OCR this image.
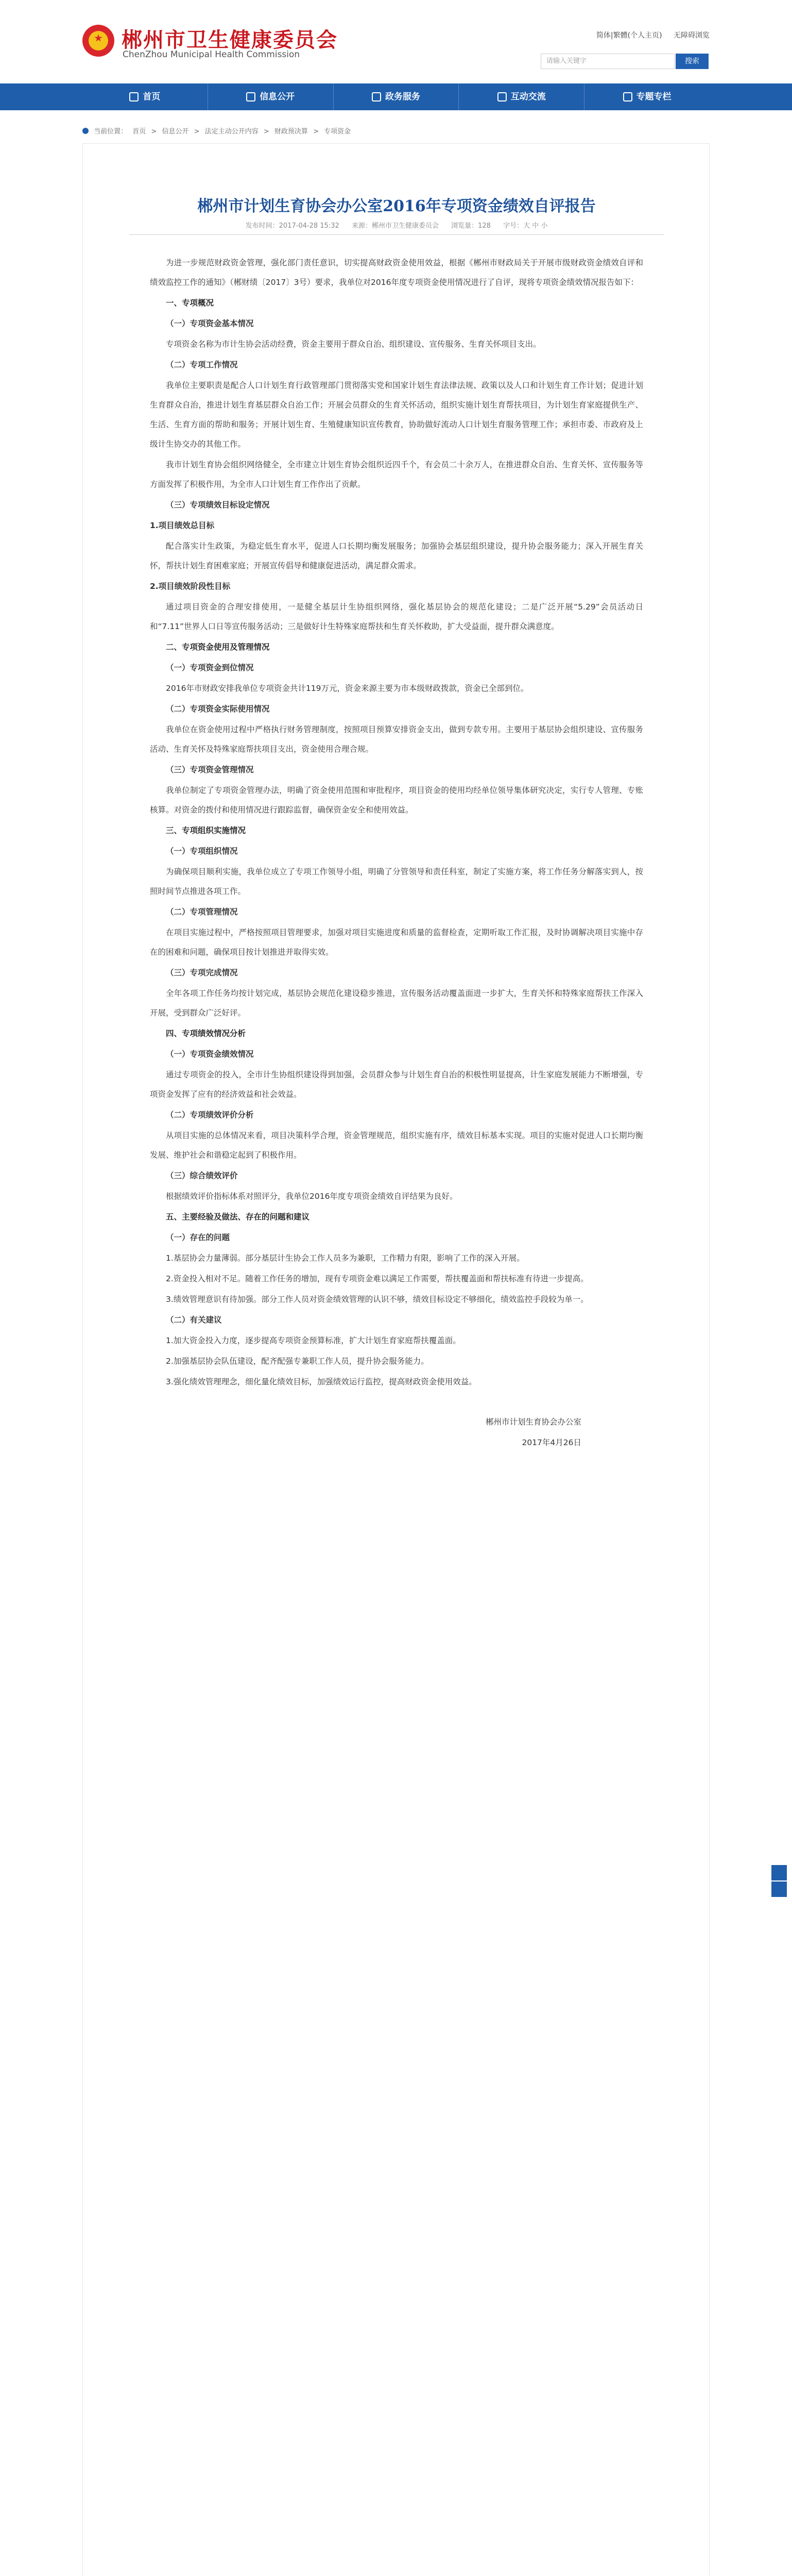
郴州市卫生健康委员会
ChenZhou Municipal Health Commission
简体|繁體(个人主页) 无障碍浏览
请输入关键字	搜索
首页	信息公开	政务服务	互动交流	专题专栏
当前位置： 首页 > 信息公开 > 法定主动公开内容 > 财政预决算 > 专项资金
郴州市计划生育协会办公室2016年专项资金绩效自评报告
发布时间：2017-04-28 15:32 来源：郴州市卫生健康委员会 浏览量：128 字号：大 中 小

为进一步规范财政资金管理，强化部门责任意识，切实提高财政资金使用效益，根据《郴州市财政局关于开展市级财政资金绩效自评和绩效监控工作的通知》（郴财绩〔2017〕3号）要求，我单位对2016年度专项资金使用情况进行了自评，现将专项资金绩效情况报告如下：

一、专项概况

（一）专项资金基本情况

专项资金名称为市计生协会活动经费，资金主要用于群众自治、组织建设、宣传服务、生育关怀项目支出。

（二）专项工作情况

我单位主要职责是配合人口计划生育行政管理部门贯彻落实党和国家计划生育法律法规、政策以及人口和计划生育工作计划；促进计划生育群众自治，推进计划生育基层群众自治工作；开展会员群众的生育关怀活动，组织实施计划生育帮扶项目，为计划生育家庭提供生产、生活、生育方面的帮助和服务；开展计划生育、生殖健康知识宣传教育，协助做好流动人口计划生育服务管理工作；承担市委、市政府及上级计生协交办的其他工作。

我市计划生育协会组织网络健全，全市建立计划生育协会组织近四千个，有会员二十余万人，在推进群众自治、生育关怀、宣传服务等方面发挥了积极作用，为全市人口计划生育工作作出了贡献。

（三）专项绩效目标设定情况

1.项目绩效总目标

配合落实计生政策，为稳定低生育水平，促进人口长期均衡发展服务；加强协会基层组织建设，提升协会服务能力；深入开展生育关怀，帮扶计划生育困难家庭；开展宣传倡导和健康促进活动，满足群众需求。

2.项目绩效阶段性目标

通过项目资金的合理安排使用，一是健全基层计生协组织网络，强化基层协会的规范化建设；二是广泛开展“5.29”会员活动日和“7.11”世界人口日等宣传服务活动；三是做好计生特殊家庭帮扶和生育关怀救助，扩大受益面，提升群众满意度。

二、专项资金使用及管理情况

（一）专项资金到位情况

2016年市财政安排我单位专项资金共计119万元，资金来源主要为市本级财政拨款，资金已全部到位。

（二）专项资金实际使用情况

我单位在资金使用过程中严格执行财务管理制度，按照项目预算安排资金支出，做到专款专用。主要用于基层协会组织建设、宣传服务活动、生育关怀及特殊家庭帮扶项目支出，资金使用合理合规。

（三）专项资金管理情况

我单位制定了专项资金管理办法，明确了资金使用范围和审批程序，项目资金的使用均经单位领导集体研究决定，实行专人管理、专账核算。对资金的拨付和使用情况进行跟踪监督，确保资金安全和使用效益。

三、专项组织实施情况

（一）专项组织情况

为确保项目顺利实施，我单位成立了专项工作领导小组，明确了分管领导和责任科室，制定了实施方案，将工作任务分解落实到人，按照时间节点推进各项工作。

（二）专项管理情况

在项目实施过程中，严格按照项目管理要求，加强对项目实施进度和质量的监督检查，定期听取工作汇报，及时协调解决项目实施中存在的困难和问题，确保项目按计划推进并取得实效。

（三）专项完成情况

全年各项工作任务均按计划完成，基层协会规范化建设稳步推进，宣传服务活动覆盖面进一步扩大，生育关怀和特殊家庭帮扶工作深入开展，受到群众广泛好评。

四、专项绩效情况分析

（一）专项资金绩效情况

通过专项资金的投入，全市计生协组织建设得到加强，会员群众参与计划生育自治的积极性明显提高，计生家庭发展能力不断增强，专项资金发挥了应有的经济效益和社会效益。

（二）专项绩效评价分析

从项目实施的总体情况来看，项目决策科学合理，资金管理规范，组织实施有序，绩效目标基本实现。项目的实施对促进人口长期均衡发展、维护社会和谐稳定起到了积极作用。

（三）综合绩效评价

根据绩效评价指标体系对照评分，我单位2016年度专项资金绩效自评结果为良好。

五、主要经验及做法、存在的问题和建议

（一）存在的问题

1.基层协会力量薄弱。部分基层计生协会工作人员多为兼职，工作精力有限，影响了工作的深入开展。

2.资金投入相对不足。随着工作任务的增加，现有专项资金难以满足工作需要，帮扶覆盖面和帮扶标准有待进一步提高。

3.绩效管理意识有待加强。部分工作人员对资金绩效管理的认识不够，绩效目标设定不够细化，绩效监控手段较为单一。

（二）有关建议

1.加大资金投入力度，逐步提高专项资金预算标准，扩大计划生育家庭帮扶覆盖面。

2.加强基层协会队伍建设，配齐配强专兼职工作人员，提升协会服务能力。

3.强化绩效管理理念，细化量化绩效目标，加强绩效运行监控，提高财政资金使用效益。

郴州市计划生育协会办公室

2017年4月26日
